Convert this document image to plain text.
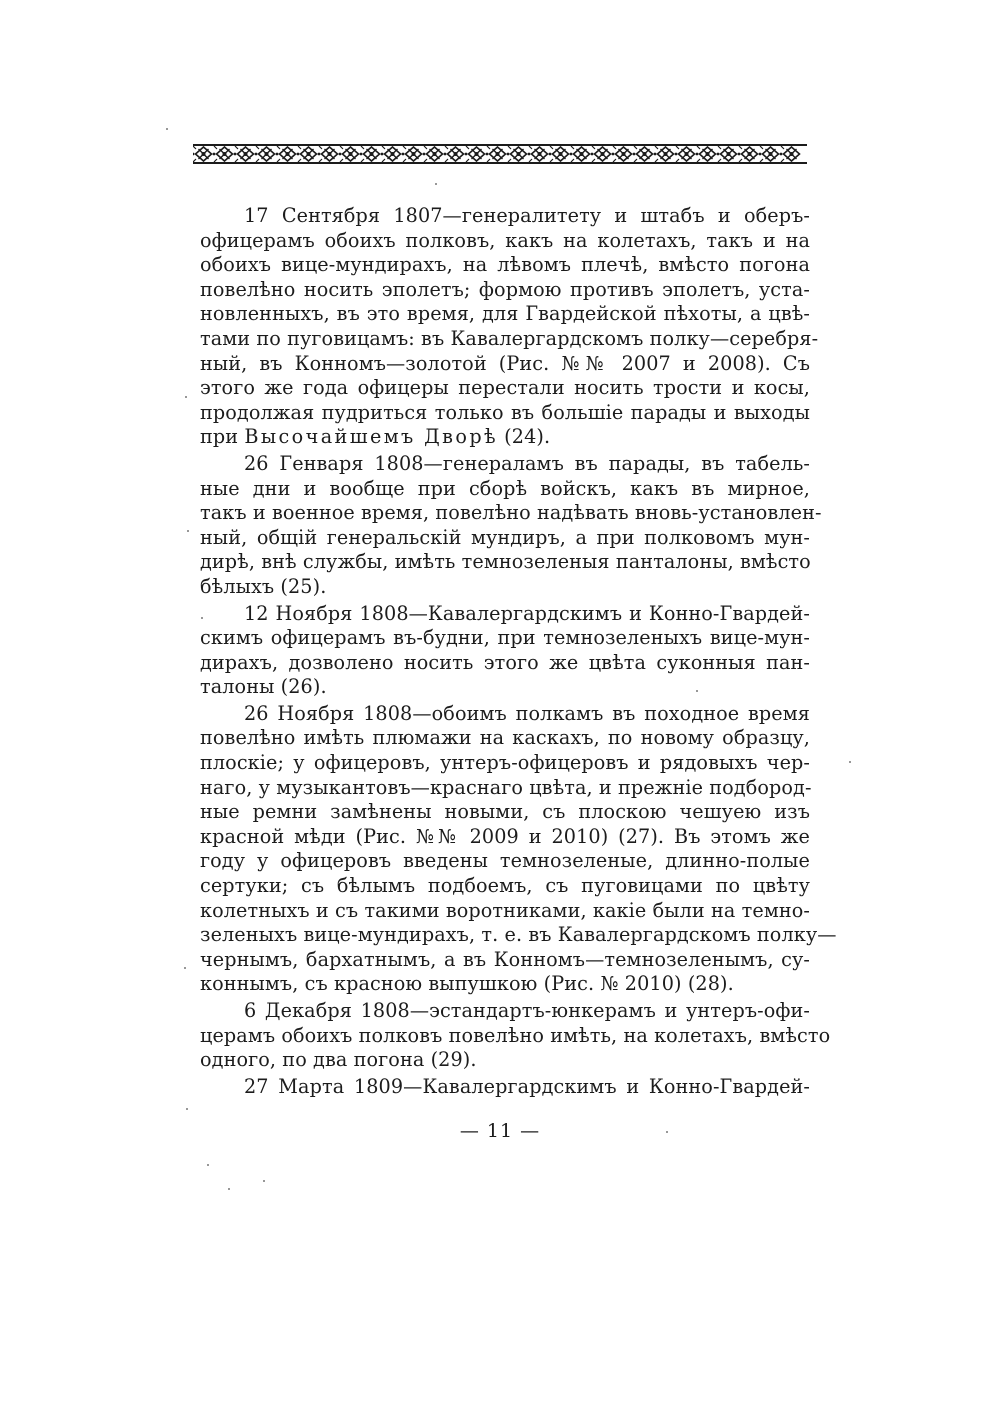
17 Сентября 1807—генералитету и штабъ и оберъ-
офицерамъ обоихъ полковъ, какъ на колетахъ, такъ и на
обоихъ вице-мундирахъ, на лѣвомъ плечѣ, вмѣсто погона
повелѣно носить эполетъ; формою противъ эполетъ, уста-
новленныхъ, въ это время, для Гвардейской пѣхоты, а цвѣ-
тами по пуговицамъ: въ Кавалергардскомъ полку—серебря-
ный, въ Конномъ—золотой (Рис. №№ 2007 и 2008). Съ
этого же года офицеры перестали носить трости и косы,
продолжая пудриться только въ большiе парады и выходы
при Высочайшемъ Дворѣ (24).

26 Генваря 1808—генераламъ въ парады, въ табель-
ные дни и вообще при сборѣ войскъ, какъ въ мирное,
такъ и военное время, повелѣно надѣвать вновь-установлен-
ный, общiй генеральскiй мундиръ, а при полковомъ мун-
дирѣ, внѣ службы, имѣть темнозеленыя панталоны, вмѣсто
бѣлыхъ (25).

12 Ноября 1808—Кавалергардскимъ и Конно-Гвардей-
скимъ офицерамъ въ-будни, при темнозеленыхъ вице-мун-
дирахъ, дозволено носить этого же цвѣта суконныя пан-
талоны (26).

26 Ноября 1808—обоимъ полкамъ въ походное время
повелѣно имѣть плюмажи на каскахъ, по новому образцу,
плоскiе; у офицеровъ, унтеръ-офицеровъ и рядовыхъ чер-
наго, у музыкантовъ—краснаго цвѣта, и прежнiе подбород-
ные ремни замѣнены новыми, съ плоскою чешуею изъ
красной мѣди (Рис. №№ 2009 и 2010) (27). Въ этомъ же
году у офицеровъ введены темнозеленые, длинно-полые
сертуки; съ бѣлымъ подбоемъ, съ пуговицами по цвѣту
колетныхъ и съ такими воротниками, какiе были на темно-
зеленыхъ вице-мундирахъ, т. е. въ Кавалергардскомъ полку—
чернымъ, бархатнымъ, а въ Конномъ—темнозеленымъ, су-
коннымъ, съ красною выпушкою (Рис. № 2010) (28).

6 Декабря 1808—эстандартъ-юнкерамъ и унтеръ-офи-
церамъ обоихъ полковъ повелѣно имѣть, на колетахъ, вмѣсто
одного, по два погона (29).

27 Марта 1809—Кавалергардскимъ и Конно-Гвардей-

— 11 —
